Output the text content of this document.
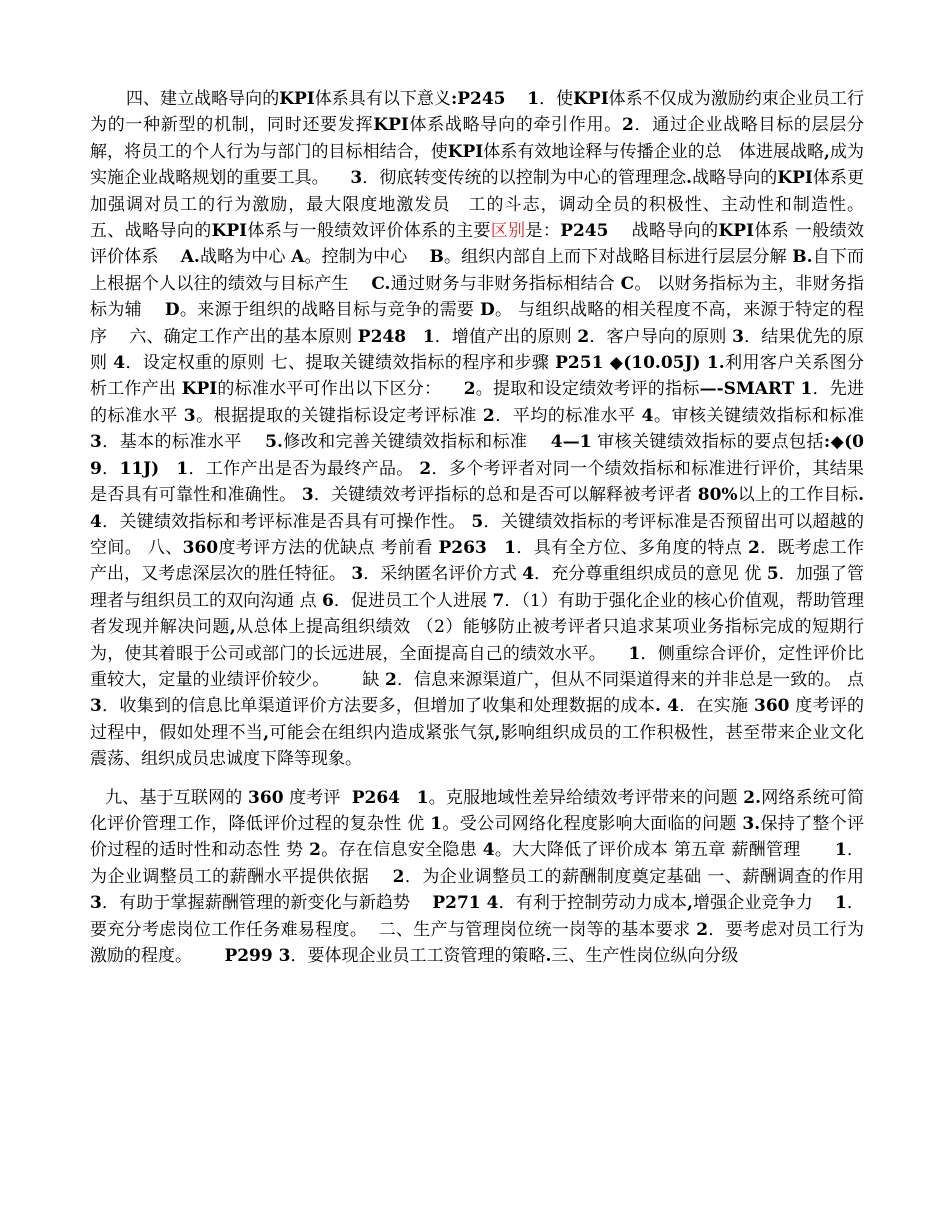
四、建立战略导向的KPI体系具有以下意义:P245 1．使KPI体系不仅成为激励约束企业员工行为的一种新型的机制，同时还要发挥KPI体系战略导向的牵引作用。2．通过企业战略目标的层层分解，将员工的个人行为与部门的目标相结合，使KPI体系有效地诠释与传播企业的总　体进展战略,成为实施企业战略规划的重要工具。    3．彻底转变传统的以控制为中心的管理理念.战略导向的KPI体系更加强调对员工的行为激励，最大限度地激发员　工的斗志，调动全员的积极性、主动性和制造性。    五、战略导向的KPI体系与一般绩效评价体系的主要区别是：P245    战略导向的KPI体系 一般绩效评价体系    A.战略为中心 A。控制为中心    B。组织内部自上而下对战略目标进行层层分解 B.自下而上根据个人以往的绩效与目标产生    C.通过财务与非财务指标相结合 C。 以财务指标为主，非财务指标为辅    D。来源于组织的战略目标与竞争的需要 D。 与组织战略的相关程度不高，来源于特定的程序    六、确定工作产出的基本原则 P248 1．增值产出的原则 2．客户导向的原则 3．结果优先的原则 4．设定权重的原则 七、提取关键绩效指标的程序和步骤 P251 ◆(10.05J) 1.利用客户关系图分析工作产出 KPI的标准水平可作出以下区分：    2。提取和设定绩效考评的指标—-SMART 1．先进的标准水平 3。根据提取的关键指标设定考评标准 2．平均的标准水平 4。审核关键绩效指标和标准 3．基本的标准水平    5.修改和完善关键绩效指标和标准    4—1 审核关键绩效指标的要点包括:◆(09．11J) 1．工作产出是否为最终产品。 2．多个考评者对同一个绩效指标和标准进行评价，其结果是否具有可靠性和准确性。 3．关键绩效考评指标的总和是否可以解释被考评者 80%以上的工作目标. 4．关键绩效指标和考评标准是否具有可操作性。 5．关键绩效指标的考评标准是否预留出可以超越的空间。 八、360度考评方法的优缺点 考前看 P263 1．具有全方位、多角度的特点 2．既考虑工作产出，又考虑深层次的胜任特征。 3．采纳匿名评价方式 4．充分尊重组织成员的意见 优 5．加强了管理者与组织员工的双向沟通 点 6．促进员工个人进展 7．（1）有助于强化企业的核心价值观，帮助管理者发现并解决问题,从总体上提高组织绩效 （2）能够防止被考评者只追求某项业务指标完成的短期行为，使其着眼于公司或部门的长远进展，全面提高自己的绩效水平。    1．侧重综合评价，定性评价比重较大，定量的业绩评价较少。      缺 2．信息来源渠道广，但从不同渠道得来的并非总是一致的。 点 3．收集到的信息比单渠道评价方法要多，但增加了收集和处理数据的成本. 4．在实施 360 度考评的过程中，假如处理不当,可能会在组织内造成紧张气氛,影响组织成员的工作积极性，甚至带来企业文化震荡、组织成员忠诚度下降等现象。

九、基于互联网的 360 度考评  P264 1。克服地域性差异给绩效考评带来的问题 2.网络系统可简化评价管理工作，降低评价过程的复杂性 优 1。受公司网络化程度影响大面临的问题 3.保持了整个评价过程的适时性和动态性 势 2。存在信息安全隐患 4。大大降低了评价成本 第五章 薪酬管理      1．为企业调整员工的薪酬水平提供依据    2．为企业调整员工的薪酬制度奠定基础 一、薪酬调查的作用 3．有助于掌握薪酬管理的新变化与新趋势    P271 4．有利于控制劳动力成本,增强企业竞争力    1．要充分考虑岗位工作任务难易程度。  二、生产与管理岗位统一岗等的基本要求 2．要考虑对员工行为激励的程度。      P299 3．要体现企业员工工资管理的策略.三、生产性岗位纵向分级
